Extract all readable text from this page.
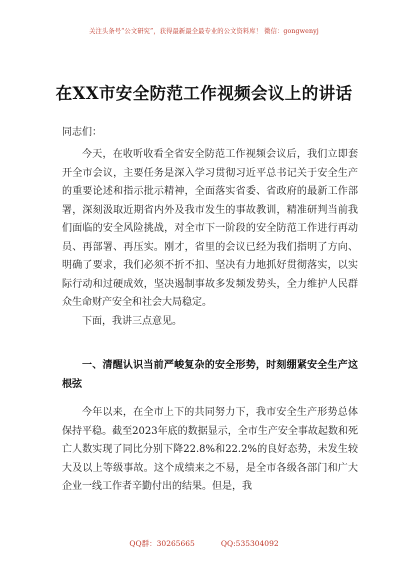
关注头条号“公文研究”，获得最新最全最专业的公文资料库！ 微信：gongwenyj
在XX市安全防范工作视频会议上的讲话

同志们：

今天，在收听收看全省安全防范工作视频会议后，我们立即套开全市会议，主要任务是深入学习贯彻习近平总书记关于安全生产的重要论述和指示批示精神，全面落实省委、省政府的最新工作部署，深刻汲取近期省内外及我市发生的事故教训，精准研判当前我们面临的安全风险挑战，对全市下一阶段的安全防范工作进行再动员、再部署、再压实。刚才，省里的会议已经为我们指明了方向、明确了要求，我们必须不折不扣、坚决有力地抓好贯彻落实，以实际行动和过硬成效，坚决遏制事故多发频发势头，全力维护人民群众生命财产安全和社会大局稳定。

下面，我讲三点意见。

一、清醒认识当前严峻复杂的安全形势，时刻绷紧安全生产这根弦

今年以来，在全市上下的共同努力下，我市安全生产形势总体保持平稳。截至2023年底的数据显示，全市生产安全事故起数和死亡人数实现了同比分别下降22.8%和22.2%的良好态势，未发生较大及以上等级事故。这个成绩来之不易，是全市各级各部门和广大企业一线工作者辛勤付出的结果。但是，我

QQ群：30265665	QQ:535304092
